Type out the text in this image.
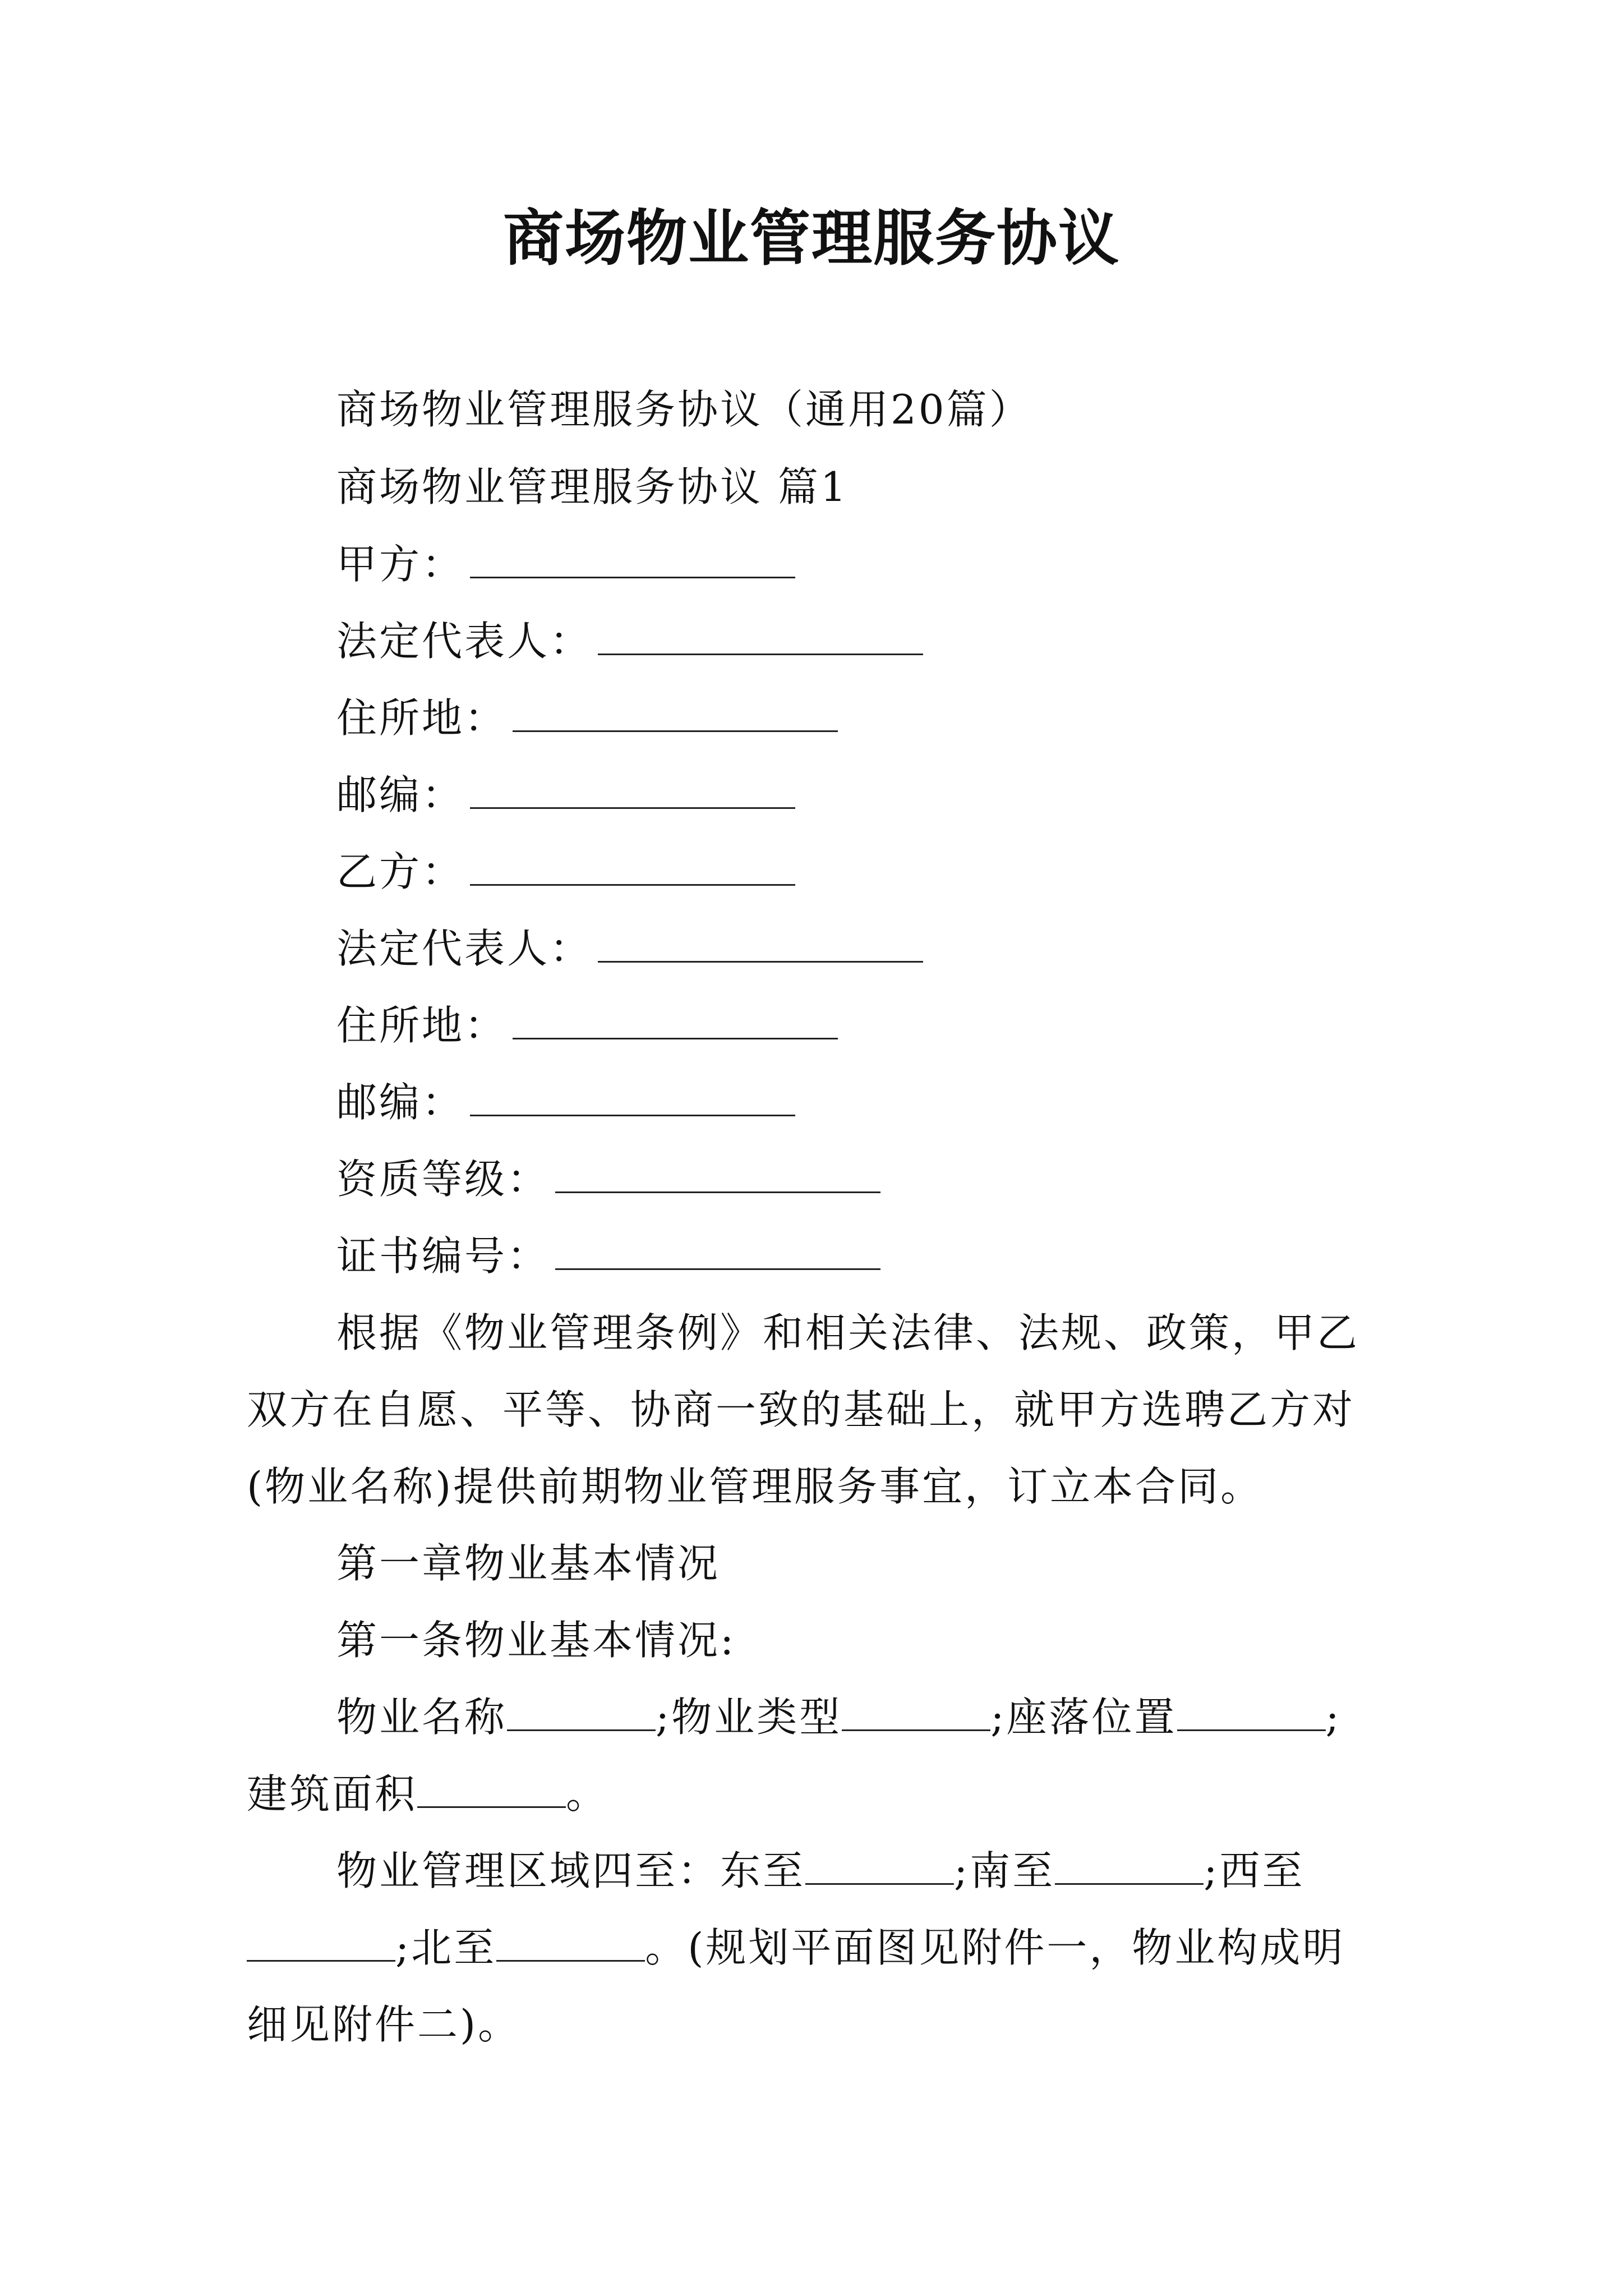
商场物业管理服务协议
商场物业管理服务协议（通用20篇）
商场物业管理服务协议 篇1
甲方：
法定代表人：
住所地：
邮编：
乙方：
法定代表人：
住所地：
邮编：
资质等级：
证书编号：
根据《物业管理条例》和相关法律、法规、政策，甲乙
双方在自愿、平等、协商一致的基础上，就甲方选聘乙方对
(物业名称)提供前期物业管理服务事宜，订立本合同。
第一章物业基本情况
第一条物业基本情况:
物业名称	;物业类型	;座落位置	;
建筑面积	。
物业管理区域四至：东至	;南至	;西至
;北至	。(规划平面图见附件一，物业构成明
细见附件二)。
